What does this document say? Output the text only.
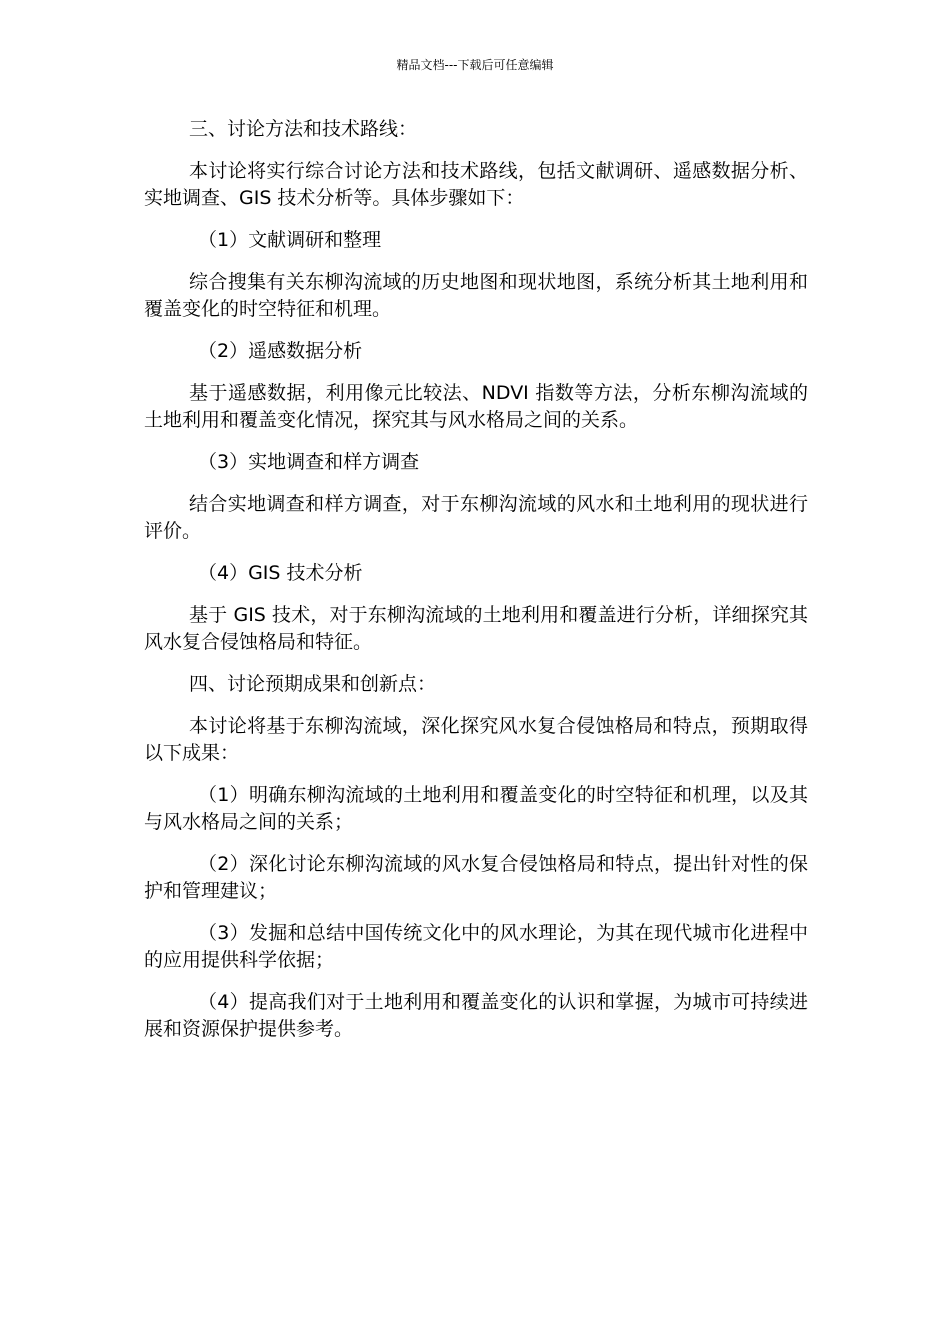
精品文档---下载后可任意编辑

三、讨论方法和技术路线：

本讨论将实行综合讨论方法和技术路线，包括文献调研、遥感数据分析、实地调查、GIS 技术分析等。具体步骤如下：

（1）文献调研和整理

综合搜集有关东柳沟流域的历史地图和现状地图，系统分析其土地利用和覆盖变化的时空特征和机理。

（2）遥感数据分析

基于遥感数据，利用像元比较法、NDVI 指数等方法，分析东柳沟流域的土地利用和覆盖变化情况，探究其与风水格局之间的关系。

（3）实地调查和样方调查

结合实地调查和样方调查，对于东柳沟流域的风水和土地利用的现状进行评价。

（4）GIS 技术分析

基于 GIS 技术，对于东柳沟流域的土地利用和覆盖进行分析，详细探究其风水复合侵蚀格局和特征。

四、讨论预期成果和创新点：

本讨论将基于东柳沟流域，深化探究风水复合侵蚀格局和特点，预期取得以下成果：

（1）明确东柳沟流域的土地利用和覆盖变化的时空特征和机理，以及其与风水格局之间的关系；

（2）深化讨论东柳沟流域的风水复合侵蚀格局和特点，提出针对性的保护和管理建议；

（3）发掘和总结中国传统文化中的风水理论，为其在现代城市化进程中的应用提供科学依据；

（4）提高我们对于土地利用和覆盖变化的认识和掌握，为城市可持续进展和资源保护提供参考。
